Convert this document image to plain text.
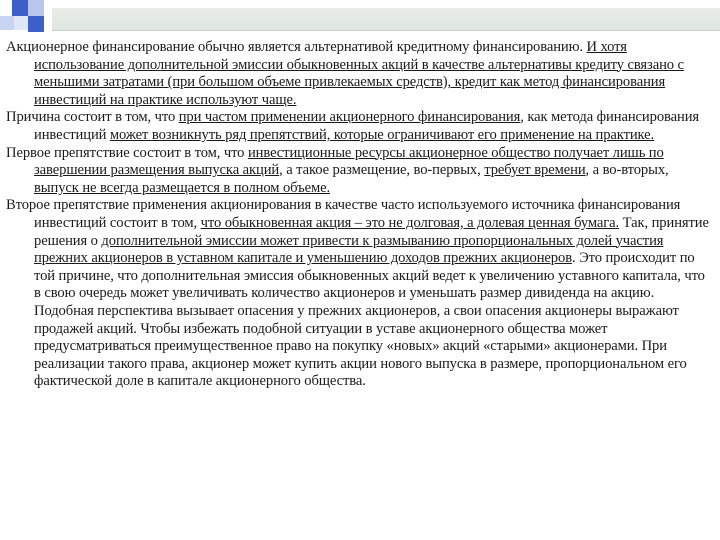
Акционерное финансирование обычно является альтернативой кредитному финансированию. И хотя использование дополнительной эмиссии обыкновенных акций в качестве альтернативы кредиту связано с меньшими затратами (при большом объеме привлекаемых средств), кредит как метод финансирования инвестиций на практике используют чаще.

Причина состоит в том, что при частом применении акционерного финансирования, как метода финансирования инвестиций может возникнуть ряд препятствий, которые ограничивают его применение на практике.

Первое препятствие состоит в том, что инвестиционные ресурсы акционерное общество получает лишь по завершении размещения выпуска акций, а такое размещение, во-первых, требует времени, а во-вторых, выпуск не всегда размещается в полном объеме.

Второе препятствие применения акционирования в качестве часто используемого источника финансирования инвестиций состоит в том, что обыкновенная акция – это не долговая, а долевая ценная бумага. Так, принятие решения о дополнительной эмиссии может привести к размыванию пропорциональных долей участия прежних акционеров в уставном капитале и уменьшению доходов прежних акционеров. Это происходит по той причине, что дополнительная эмиссия обыкновенных акций ведет к увеличению уставного капитала, что в свою очередь может увеличивать количество акционеров и уменьшать размер дивиденда на акцию. Подобная перспектива вызывает опасения у прежних акционеров, а свои опасения акционеры выражают продажей акций. Чтобы избежать подобной ситуации в уставе акционерного общества может предусматриваться преимущественное право на покупку «новых» акций «старыми» акционерами. При реализации такого права, акционер может купить акции нового выпуска в размере, пропорциональном его фактической доле в капитале акционерного общества.
